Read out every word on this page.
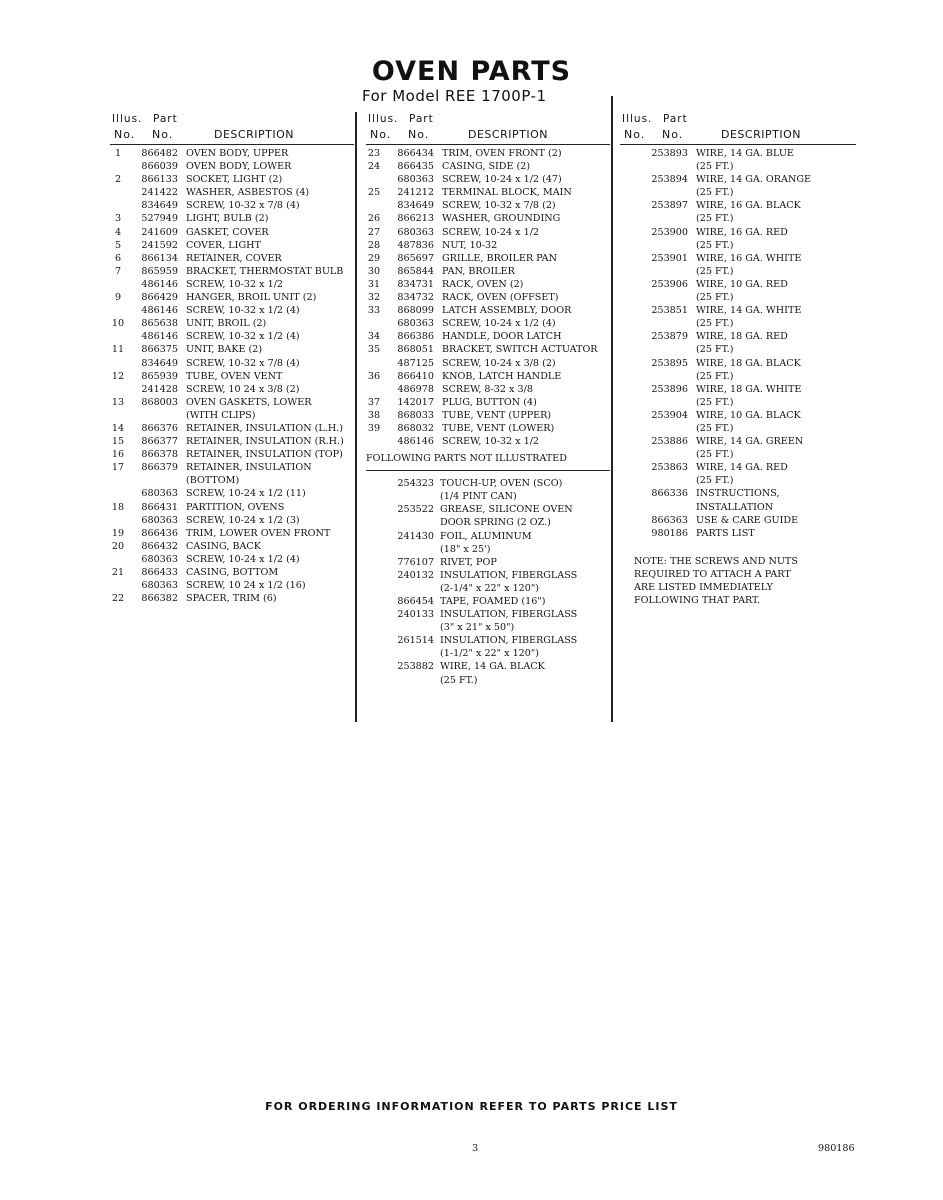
OVEN PARTS
For Model REE 1700P-1
Illus. Part
No. No.	DESCRIPTION
1	866482 OVEN BODY, UPPER
866039 OVEN BODY, LOWER
2	866133 SOCKET, LIGHT (2)
241422 WASHER, ASBESTOS (4)
834649 SCREW, 10-32 x 7/8 (4)
3	527949 LIGHT, BULB (2)
4	241609 GASKET, COVER
5	241592 COVER, LIGHT
6	866134 RETAINER, COVER
7	865959 BRACKET, THERMOSTAT BULB
486146 SCREW, 10-32 x 1/2
9	866429 HANGER, BROIL UNIT (2)
486146 SCREW, 10-32 x 1/2 (4)
10	865638 UNIT, BROIL (2)
486146 SCREW, 10-32 x 1/2 (4)
11	866375 UNIT, BAKE (2)
834649 SCREW, 10-32 x 7/8 (4)
12	865939 TUBE, OVEN VENT
241428 SCREW, 10 24 x 3/8 (2)
13	868003 OVEN GASKETS, LOWER
(WITH CLIPS)
14	866376 RETAINER, INSULATION (L.H.)
15	866377 RETAINER, INSULATION (R.H.)
16	866378 RETAINER, INSULATION (TOP)
17	866379 RETAINER, INSULATION
(BOTTOM)
680363 SCREW, 10-24 x 1/2 (11)
18	866431 PARTITION, OVENS
680363 SCREW, 10-24 x 1/2 (3)
19	866436 TRIM, LOWER OVEN FRONT
20	866432 CASING, BACK
680363 SCREW, 10-24 x 1/2 (4)
21	866433 CASING, BOTTOM
680363 SCREW, 10 24 x 1/2 (16)
22	866382 SPACER, TRIM (6)
Illus. Part
No. No.	DESCRIPTION
23	866434 TRIM, OVEN FRONT (2)
24	866435 CASING, SIDE (2)
680363 SCREW, 10-24 x 1/2 (47)
25	241212 TERMINAL BLOCK, MAIN
834649 SCREW, 10-32 x 7/8 (2)
26	866213 WASHER, GROUNDING
27	680363 SCREW, 10-24 x 1/2
28	487836 NUT, 10-32
29	865697 GRILLE, BROILER PAN
30	865844 PAN, BROILER
31	834731 RACK, OVEN (2)
32	834732 RACK, OVEN (OFFSET)
33	868099 LATCH ASSEMBLY, DOOR
680363 SCREW, 10-24 x 1/2 (4)
34	866386 HANDLE, DOOR LATCH
35	868051 BRACKET, SWITCH ACTUATOR
487125 SCREW, 10-24 x 3/8 (2)
36	866410 KNOB, LATCH HANDLE
486978 SCREW, 8-32 x 3/8
37	142017 PLUG, BUTTON (4)
38	868033 TUBE, VENT (UPPER)
39	868032 TUBE, VENT (LOWER)
486146 SCREW, 10-32 x 1/2
FOLLOWING PARTS NOT ILLUSTRATED
254323 TOUCH-UP, OVEN (SCO)
(1/4 PINT CAN)
253522 GREASE, SILICONE OVEN
DOOR SPRING (2 OZ.)
241430 FOIL, ALUMINUM
(18" x 25')
776107 RIVET, POP
240132 INSULATION, FIBERGLASS
(2-1/4" x 22" x 120")
866454 TAPE, FOAMED (16")
240133 INSULATION, FIBERGLASS
(3" x 21" x 50")
261514 INSULATION, FIBERGLASS
(1-1/2" x 22" x 120")
253882 WIRE, 14 GA. BLACK
(25 FT.)
Illus. Part
No. No.	DESCRIPTION
253893 WIRE, 14 GA. BLUE
(25 FT.)
253894 WIRE, 14 GA. ORANGE
(25 FT.)
253897 WIRE, 16 GA. BLACK
(25 FT.)
253900 WIRE, 16 GA. RED
(25 FT.)
253901 WIRE, 16 GA. WHITE
(25 FT.)
253906 WIRE, 10 GA. RED
(25 FT.)
253851 WIRE, 14 GA. WHITE
(25 FT.)
253879 WIRE, 18 GA. RED
(25 FT.)
253895 WIRE, 18 GA. BLACK
(25 FT.)
253896 WIRE, 18 GA. WHITE
(25 FT.)
253904 WIRE, 10 GA. BLACK
(25 FT.)
253886 WIRE, 14 GA. GREEN
(25 FT.)
253863 WIRE, 14 GA. RED
(25 FT.)
866336 INSTRUCTIONS,
INSTALLATION
866363 USE & CARE GUIDE
980186 PARTS LIST
NOTE: THE SCREWS AND NUTS
REQUIRED TO ATTACH A PART
ARE LISTED IMMEDIATELY
FOLLOWING THAT PART.
FOR ORDERING INFORMATION REFER TO PARTS PRICE LIST
3	980186
